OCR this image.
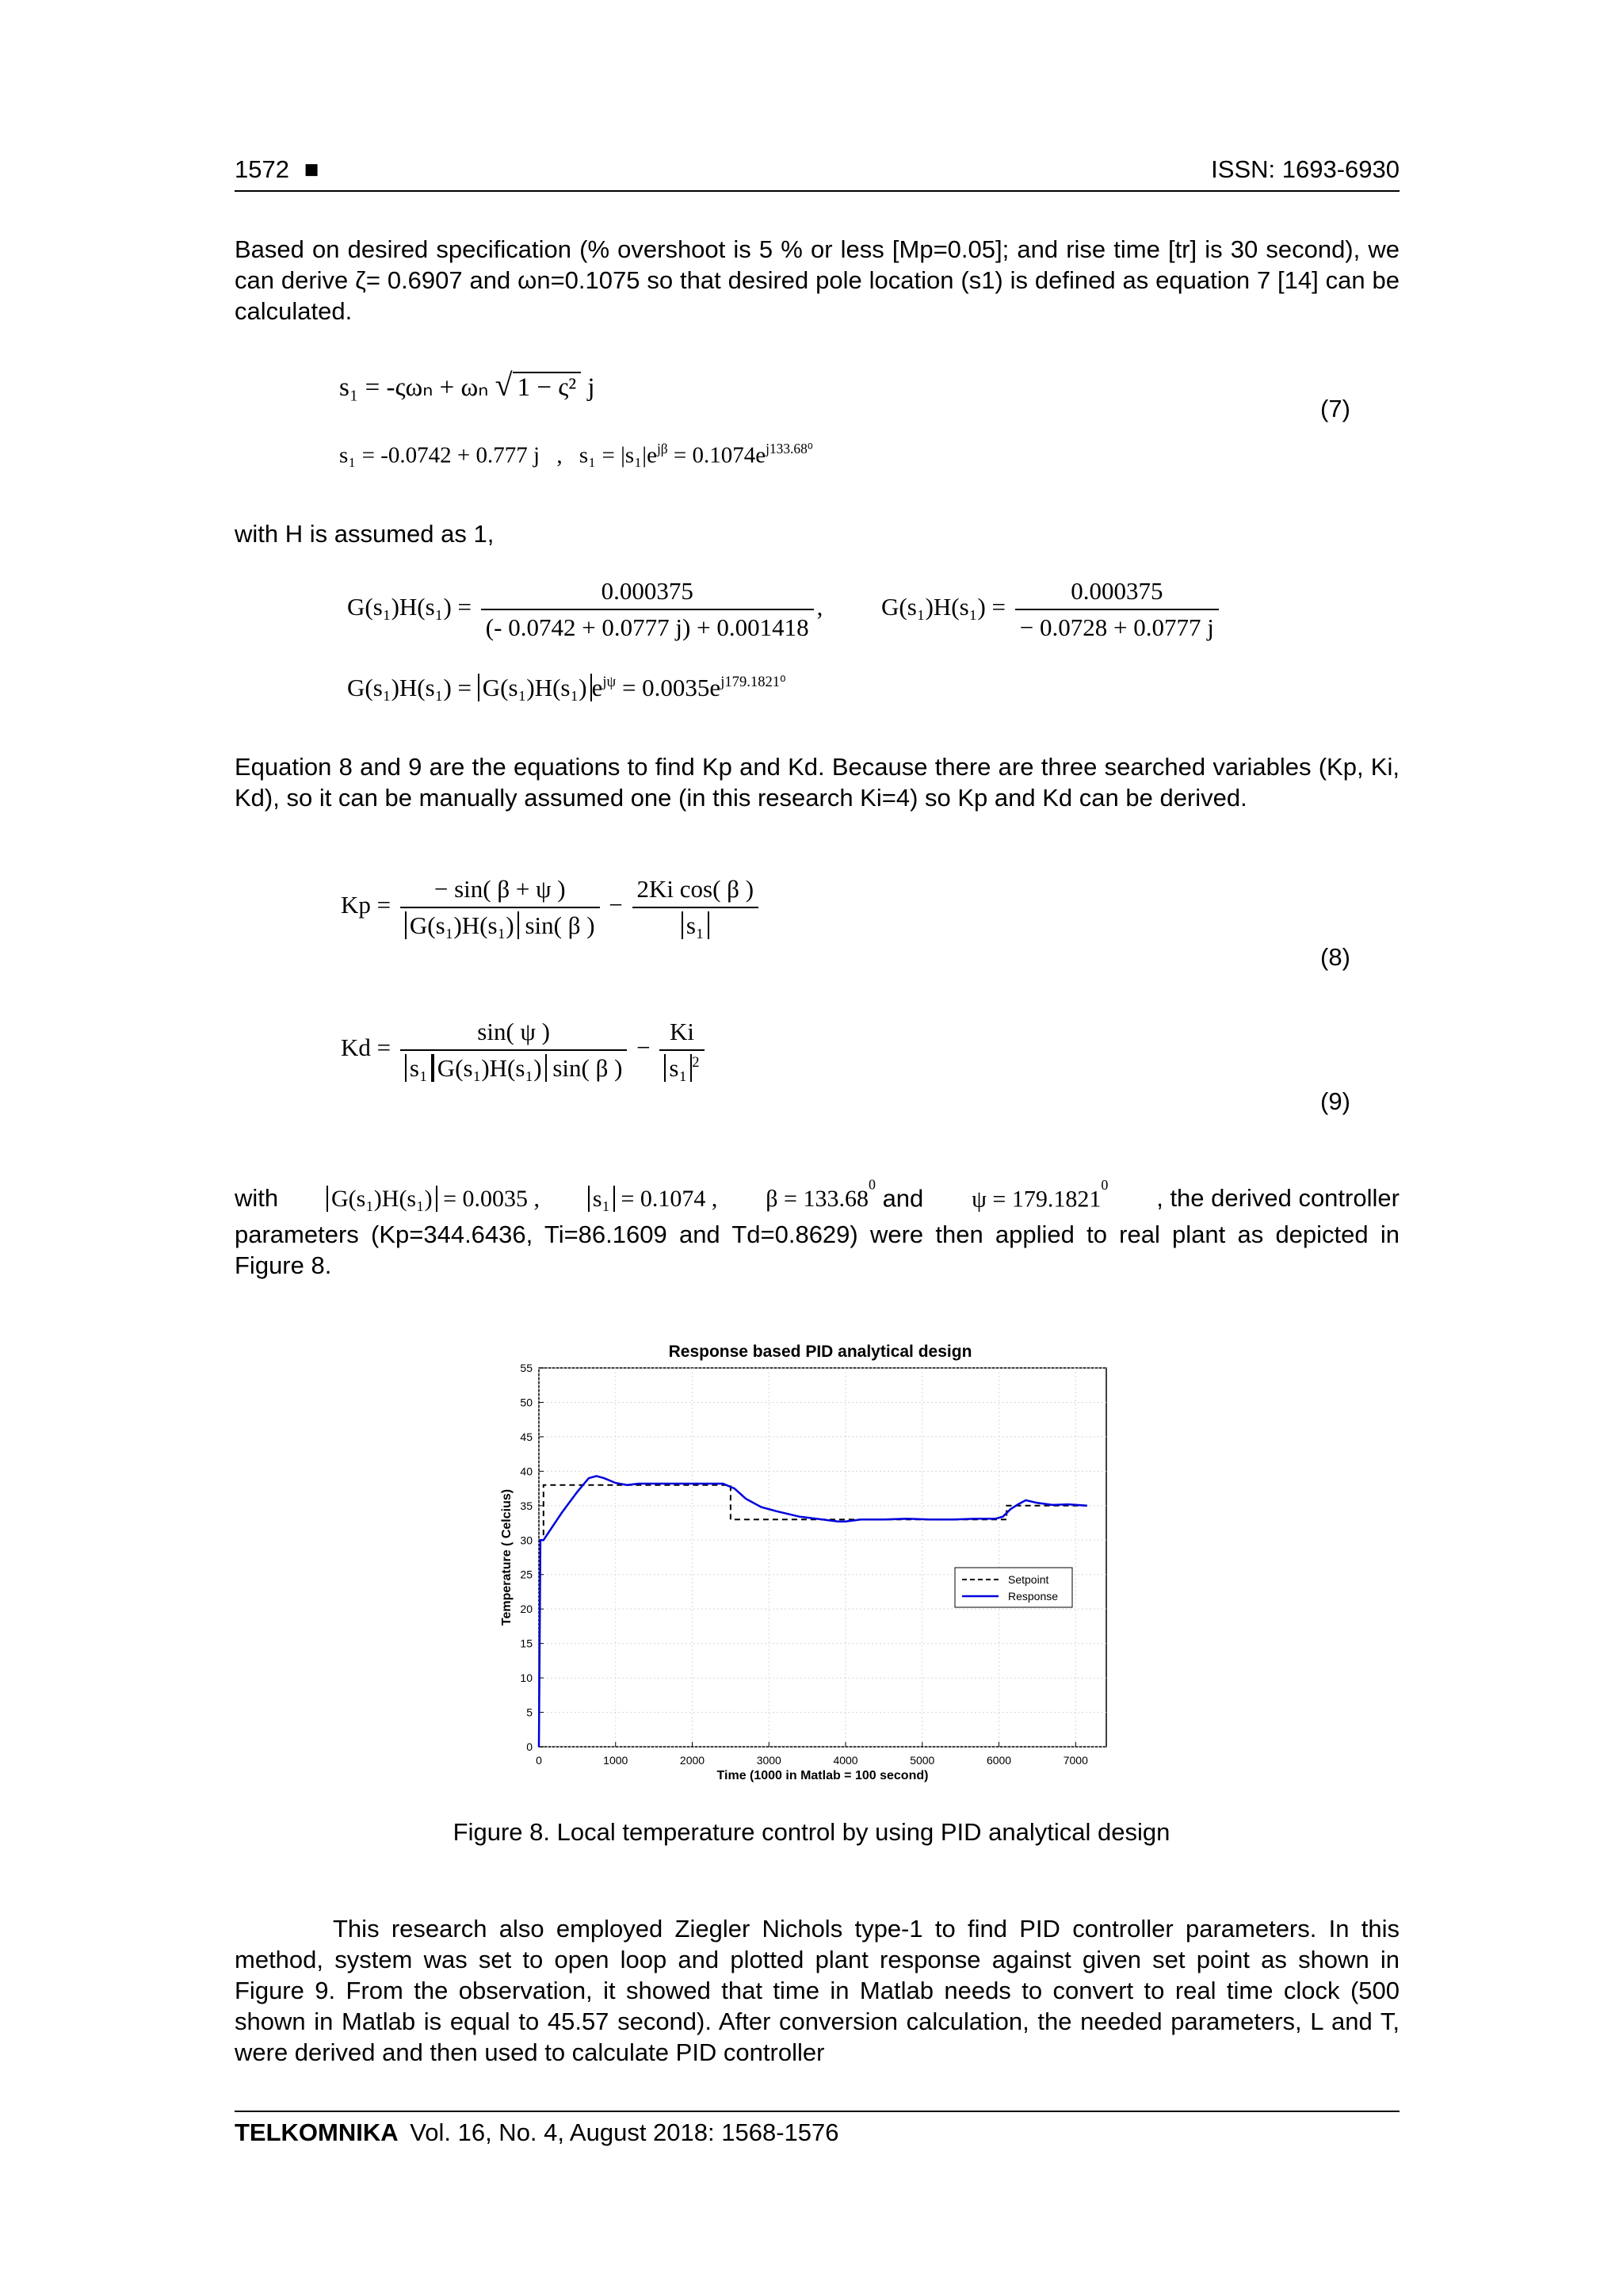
1572 ■	ISSN: 1693-6930
Based on desired specification (% overshoot is 5 % or less [Mp=0.05]; and rise time [tr] is 30 second), we can derive ζ= 0.6907 and ωn=0.1075 so that desired pole location (s1) is defined as equation 7 [14] can be calculated.
s₁ = -ςωₙ + ωₙ √ 1 − ς² j
(7)
s₁ = -0.0742 + 0.777 j , $s_1 = |s_1|e^{j\beta} = 0.1074e^{j133.68^0}$
with H is assumed as 1,
$G(s_1)H(s_1) = \frac{0.000375}{(- 0.0742 + 0.0777 j) + 0.001418}$ , $G(s_1)H(s_1) = \frac{0.000375}{- 0.0728 + 0.0777 j}$
G(s₁)H(s₁) = G(s₁)H(s₁) $e^{j\psi} = 0.0035e^{j179.1821^0}$
Equation 8 and 9 are the equations to find Kp and Kd. Because there are three searched variables (Kp, Ki, Kd), so it can be manually assumed one (in this research Ki=4) so Kp and Kd can be derived.
$Kp = \frac{- \sin( \beta + \psi )}{\text{G(s₁)H(s₁) sin( β )}} - \frac{\text{2Ki cos( β )}}{\text{s₁}}$
(8)
$Kd = \frac{\sin( \psi )}{\text{s₁ G(s₁)H(s₁) sin( β )}} - \frac{Ki}{s_1 ^2}$
(9)
with G(s₁)H(s₁) = 0.0035 , s₁ = 0.1074 , $\beta = 133.68^0$ and $\psi = 179.1821^0$ , the derived controller
parameters (Kp=344.6436, Ti=86.1609 and Td=0.8629) were then applied to real plant as depicted in Figure 8.
Response based PID analytical design
0	1000	2000	3000	4000	5000	6000	7000
0
5
10
15
20
25
30
35
40
45
50
55
Time (1000 in Matlab = 100 second)
Temperature ( Celcius)	Setpoint
Response
Figure 8. Local temperature control by using PID analytical design
This research also employed Ziegler Nichols type-1 to find PID controller parameters. In this method, system was set to open loop and plotted plant response against given set point as shown in Figure 9. From the observation, it showed that time in Matlab needs to convert to real time clock (500 shown in Matlab is equal to 45.57 second). After conversion calculation, the needed parameters, L and T, were derived and then used to calculate PID controller
TELKOMNIKA Vol. 16, No. 4, August 2018: 1568-1576
